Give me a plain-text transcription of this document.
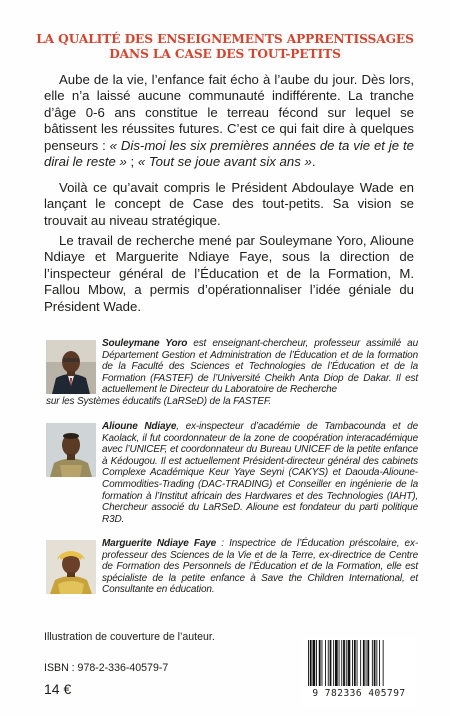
LA QUALITÉ DES ENSEIGNEMENTS APPRENTISSAGES
DANS LA CASE DES TOUT-PETITS

Aube de la vie, l’enfance fait écho à l’aube du jour. Dès lors, elle n’a laissé aucune communauté indifférente. La tranche d’âge 0-6 ans constitue le terreau fécond sur lequel se bâtissent les réussites futures. C’est ce qui fait dire à quelques penseurs : « Dis-moi les six premières années de ta vie et je te dirai le reste » ; « Tout se joue avant six ans ».

Voilà ce qu’avait compris le Président Abdoulaye Wade en lançant le concept de Case des tout-petits. Sa vision se trouvait au niveau stratégique.

Le travail de recherche mené par Souleymane Yoro, Alioune Ndiaye et Marguerite Ndiaye Faye, sous la direction de l’inspecteur général de l’Éducation et de la Formation, M. Fallou Mbow, a permis d’opérationnaliser l’idée géniale du Président Wade.

Souleymane Yoro est enseignant-chercheur, professeur assimilé au Département Gestion et Administration de l’Éducation et de la formation de la Faculté des Sciences et Technologies de l’Éducation et de la Formation (FASTEF) de l’Université Cheikh Anta Diop de Dakar. Il est actuellement le Directeur du Laboratoire de Recherche

sur les Systèmes éducatifs (LaRSeD) de la FASTEF.

Alioune Ndiaye, ex-inspecteur d’académie de Tambacounda et de Kaolack, il fut coordonnateur de la zone de coopération interacadémique avec l’UNICEF, et coordonnateur du Bureau UNICEF de la petite enfance à Kédougou. Il est actuellement Président-directeur général des cabinets Complexe Académique Keur Yaye Seyni (CAKYS) et Daouda-Alioune-Commodities-Trading (DAC-TRADING) et Conseiller en ingénierie de la formation à l’Institut africain des Hardwares et des Technologies (IAHT), Chercheur associé du LaRSeD. Alioune est fondateur du parti politique R3D.

Marguerite Ndiaye Faye : Inspectrice de l’Éducation préscolaire, ex-professeur des Sciences de la Vie et de la Terre, ex-directrice de Centre de Formation des Personnels de l’Éducation et de la Formation, elle est spécialiste de la petite enfance à Save the Children International, et Consultante en éducation.

Illustration de couverture de l’auteur.
ISBN : 978-2-336-40579-7
14 €	9 782336 405797
